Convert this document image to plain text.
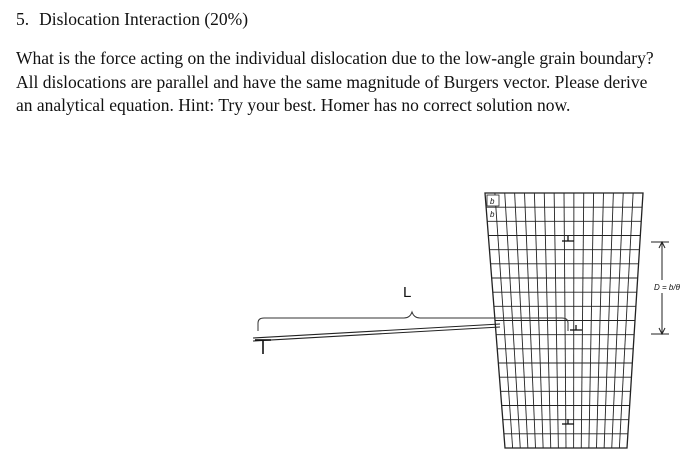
5. Dislocation Interaction (20%)
What is the force acting on the individual dislocation due to the low-angle grain boundary?
All dislocations are parallel and have the same magnitude of Burgers vector. Please derive
an analytical equation. Hint: Try your best. Homer has no correct solution now.
L
b
b
D = b/θ
